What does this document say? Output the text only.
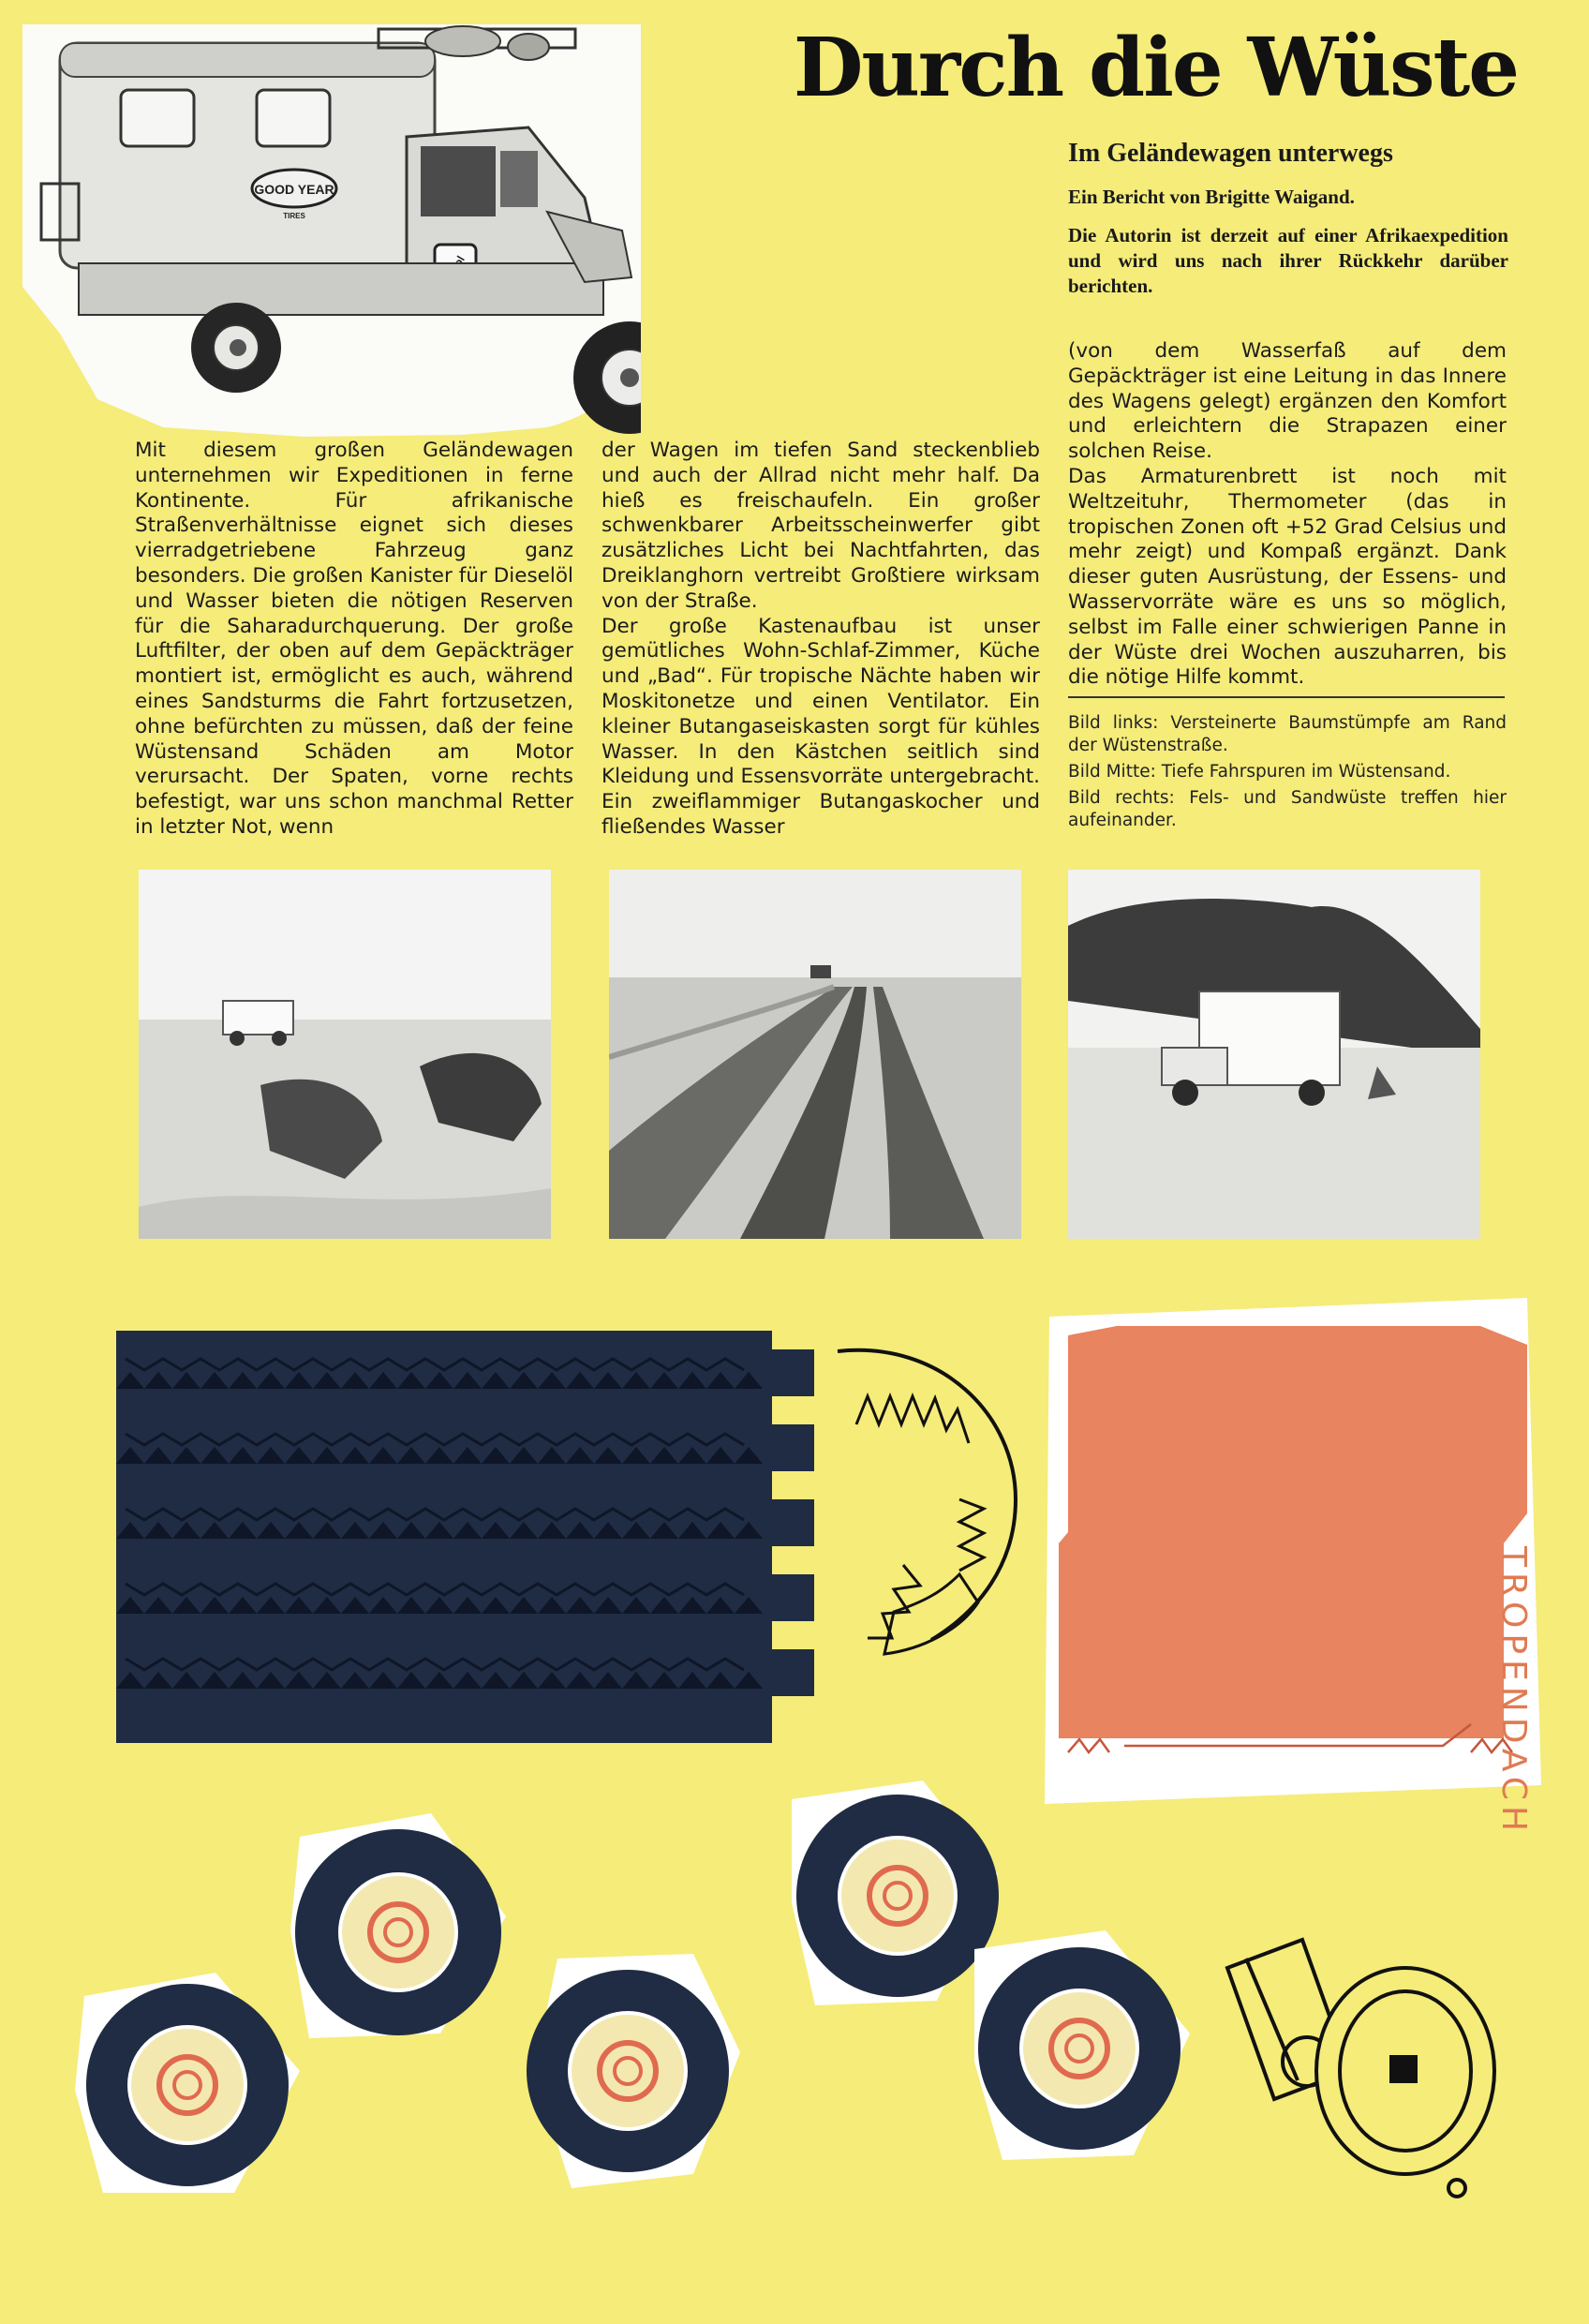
GOOD YEAR
TIRES
Durch die Wüste
Im Geländewagen unterwegs
Ein Bericht von Brigitte Waigand.
Die Autorin ist derzeit auf einer Afrikaexpedition und wird uns nach ihrer Rückkehr darüber berichten.

Mit diesem großen Geländewagen unternehmen wir Expeditionen in ferne Kontinente. Für afrikanische Straßenverhältnisse eignet sich dieses vierradgetriebene Fahrzeug ganz besonders. Die großen Kanister für Dieselöl und Wasser bieten die nötigen Reserven für die Saharadurchquerung. Der große Luftfilter, der oben auf dem Gepäckträger montiert ist, ermöglicht es auch, während eines Sandsturms die Fahrt fortzusetzen, ohne befürchten zu müssen, daß der feine Wüstensand Schäden am Motor verursacht. Der Spaten, vorne rechts befestigt, war uns schon manchmal Retter in letzter Not, wenn

der Wagen im tiefen Sand steckenblieb und auch der Allrad nicht mehr half. Da hieß es freischaufeln. Ein großer schwenkbarer Arbeitsscheinwerfer gibt zusätzliches Licht bei Nachtfahrten, das Dreiklanghorn vertreibt Großtiere wirksam von der Straße.

Der große Kastenaufbau ist unser gemütliches Wohn-Schlaf-Zimmer, Küche und „Bad“. Für tropische Nächte haben wir Moskitonetze und einen Ventilator. Ein kleiner Butangaseiskasten sorgt für kühles Wasser. In den Kästchen seitlich sind Kleidung und Essensvorräte untergebracht. Ein zweiflammiger Butangaskocher und fließendes Wasser

(von dem Wasserfaß auf dem Gepäckträger ist eine Leitung in das Innere des Wagens gelegt) ergänzen den Komfort und erleichtern die Strapazen einer solchen Reise.

Das Armaturenbrett ist noch mit Weltzeituhr, Thermometer (das in tropischen Zonen oft +52 Grad Celsius und mehr zeigt) und Kompaß ergänzt. Dank dieser guten Ausrüstung, der Essens- und Wasservorräte wäre es uns so möglich, selbst im Falle einer schwierigen Panne in der Wüste drei Wochen auszuharren, bis die nötige Hilfe kommt.

Bild links: Versteinerte Baumstümpfe am Rand der Wüstenstraße.

Bild Mitte: Tiefe Fahrspuren im Wüstensand.

Bild rechts: Fels- und Sandwüste treffen hier aufeinander.

TROPENDACH
